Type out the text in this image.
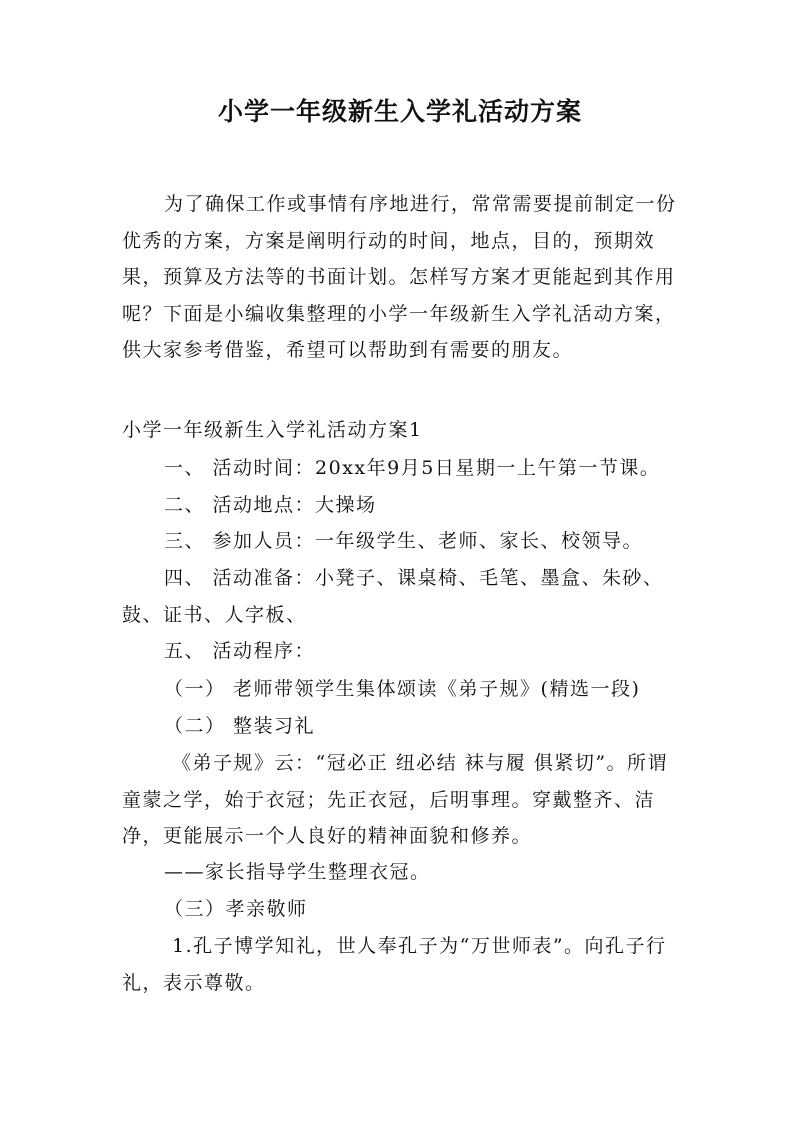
小学一年级新生入学礼活动方案
为了确保工作或事情有序地进行，常常需要提前制定一份优秀的方案，方案是阐明行动的时间，地点，目的，预期效果，预算及方法等的书面计划。怎样写方案才更能起到其作用呢？下面是小编收集整理的小学一年级新生入学礼活动方案，供大家参考借鉴，希望可以帮助到有需要的朋友。
小学一年级新生入学礼活动方案1
一、 活动时间：20xx年9月5日星期一上午第一节课。
二、 活动地点：大操场
三、 参加人员：一年级学生、老师、家长、校领导。
四、 活动准备：小凳子、课桌椅、毛笔、墨盒、朱砂、鼓、证书、人字板、
五、 活动程序：
（一） 老师带领学生集体颂读《弟子规》(精选一段)
（二） 整装习礼
《弟子规》云：“冠必正 纽必结 袜与履 俱紧切”。所谓童蒙之学，始于衣冠；先正衣冠，后明事理。穿戴整齐、洁净，更能展示一个人良好的精神面貌和修养。
——家长指导学生整理衣冠。
（三）孝亲敬师
1.孔子博学知礼，世人奉孔子为“万世师表”。向孔子行礼，表示尊敬。
